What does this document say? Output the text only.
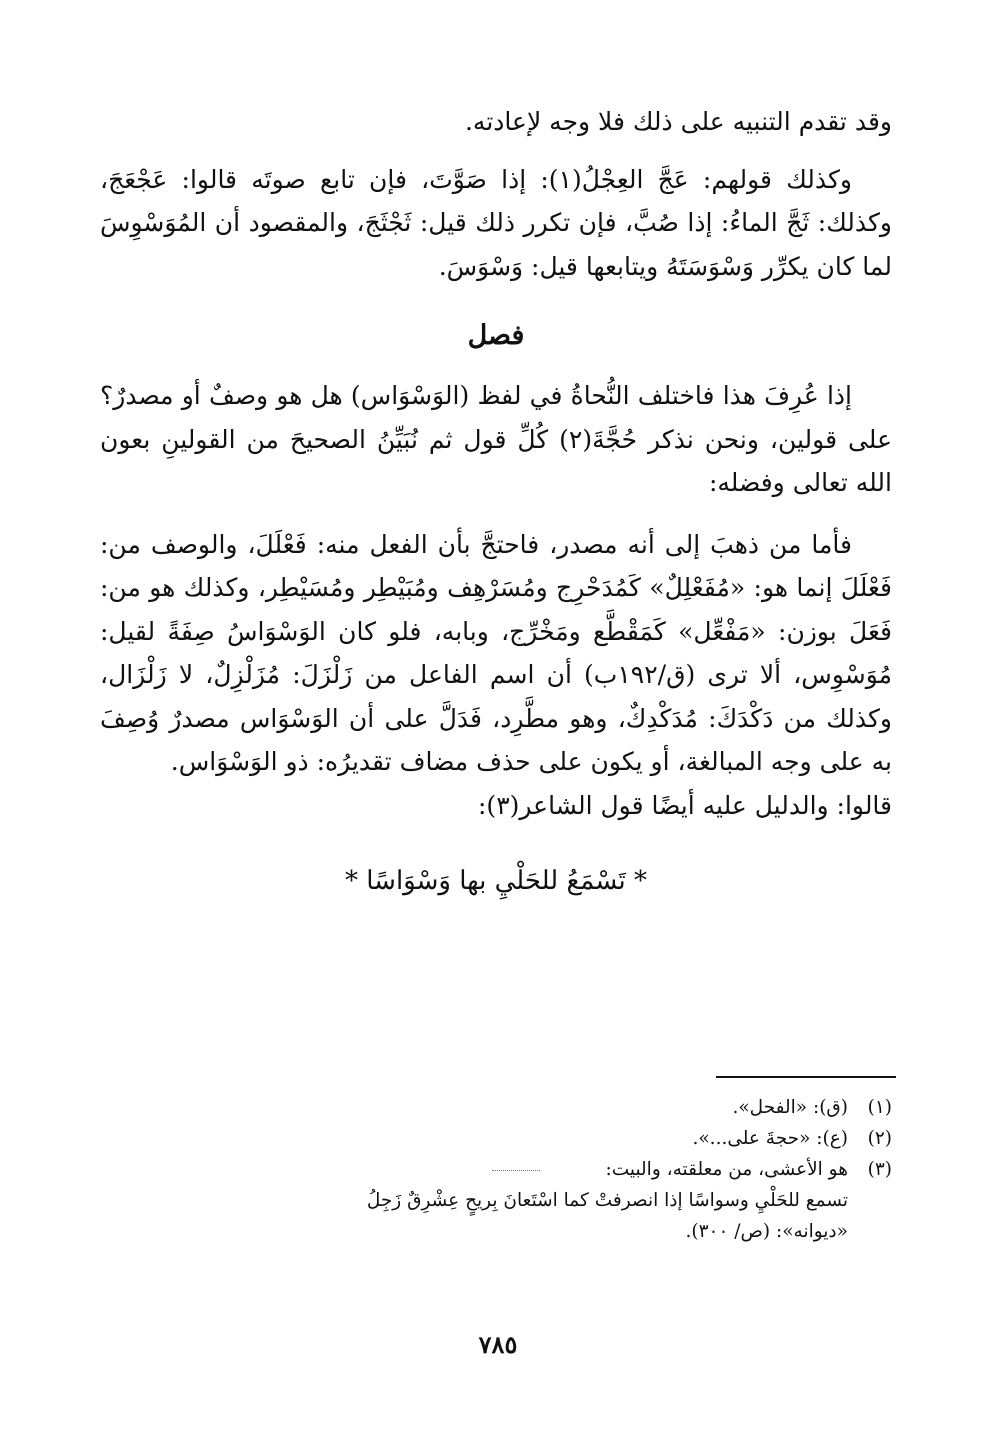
وقد تقدم التنبيه على ذلك فلا وجه لإعادته.

وكذلك قولهم: عَجَّ العِجْلُ(١): إذا صَوَّتَ، فإن تابع صوتَه قالوا: عَجْعَجَ، وكذلك: ثَجَّ الماءُ: إذا صُبَّ، فإن تكرر ذلك قيل: ثَجْثَجَ، والمقصود أن المُوَسْوِسَ لما كان يكرِّر وَسْوَسَتَهُ ويتابعها قيل: وَسْوَسَ.

فصل

إذا عُرِفَ هذا فاختلف النُّحاةُ في لفظ (الوَسْوَاس) هل هو وصفٌ أو مصدرٌ؟ على قولين، ونحن نذكر حُجَّةَ(٢) كُلِّ قول ثم نُبَيِّنُ الصحيحَ من القولينِ بعون الله تعالى وفضله:

فأما من ذهبَ إلى أنه مصدر، فاحتجَّ بأن الفعل منه: فَعْلَلَ، والوصف من: فَعْلَلَ إنما هو: «مُفَعْلِلٌ» كَمُدَحْرِج ومُسَرْهِف ومُبَيْطِر ومُسَيْطِر، وكذلك هو من: فَعَلَ بوزن: «مَفْعِّل» كَمَقْطَّع ومَخْرِّج، وبابه، فلو كان الوَسْوَاسُ صِفَةً لقيل: مُوَسْوِس، ألا ترى (ق/١٩٢ب) أن اسم الفاعل من زَلْزَلَ: مُزَلْزِلٌ، لا زَلْزَال، وكذلك من دَكْدَكَ: مُدَكْدِكٌ، وهو مطَّرِد، فَدَلَّ على أن الوَسْوَاس مصدرٌ وُصِفَ به على وجه المبالغة، أو يكون على حذف مضاف تقديرُه: ذو الوَسْوَاس.

قالوا: والدليل عليه أيضًا قول الشاعر(٣):

* تَسْمَعُ للحَلْيِ بها وَسْوَاسًا *
(١)
(ق): «الفحل».
(٢)
(ع): «حجةَ على...».
(٣)
هو الأعشى، من معلقته، والبيت:
تسمع للحَلْيِ وسواسًا إذا انصرفتْ كما اسْتَعانَ بِريحٍ عِشْرِقٌ زَجِلُ
«ديوانه»: (ص/ ٣٠٠).
٧٨٥
